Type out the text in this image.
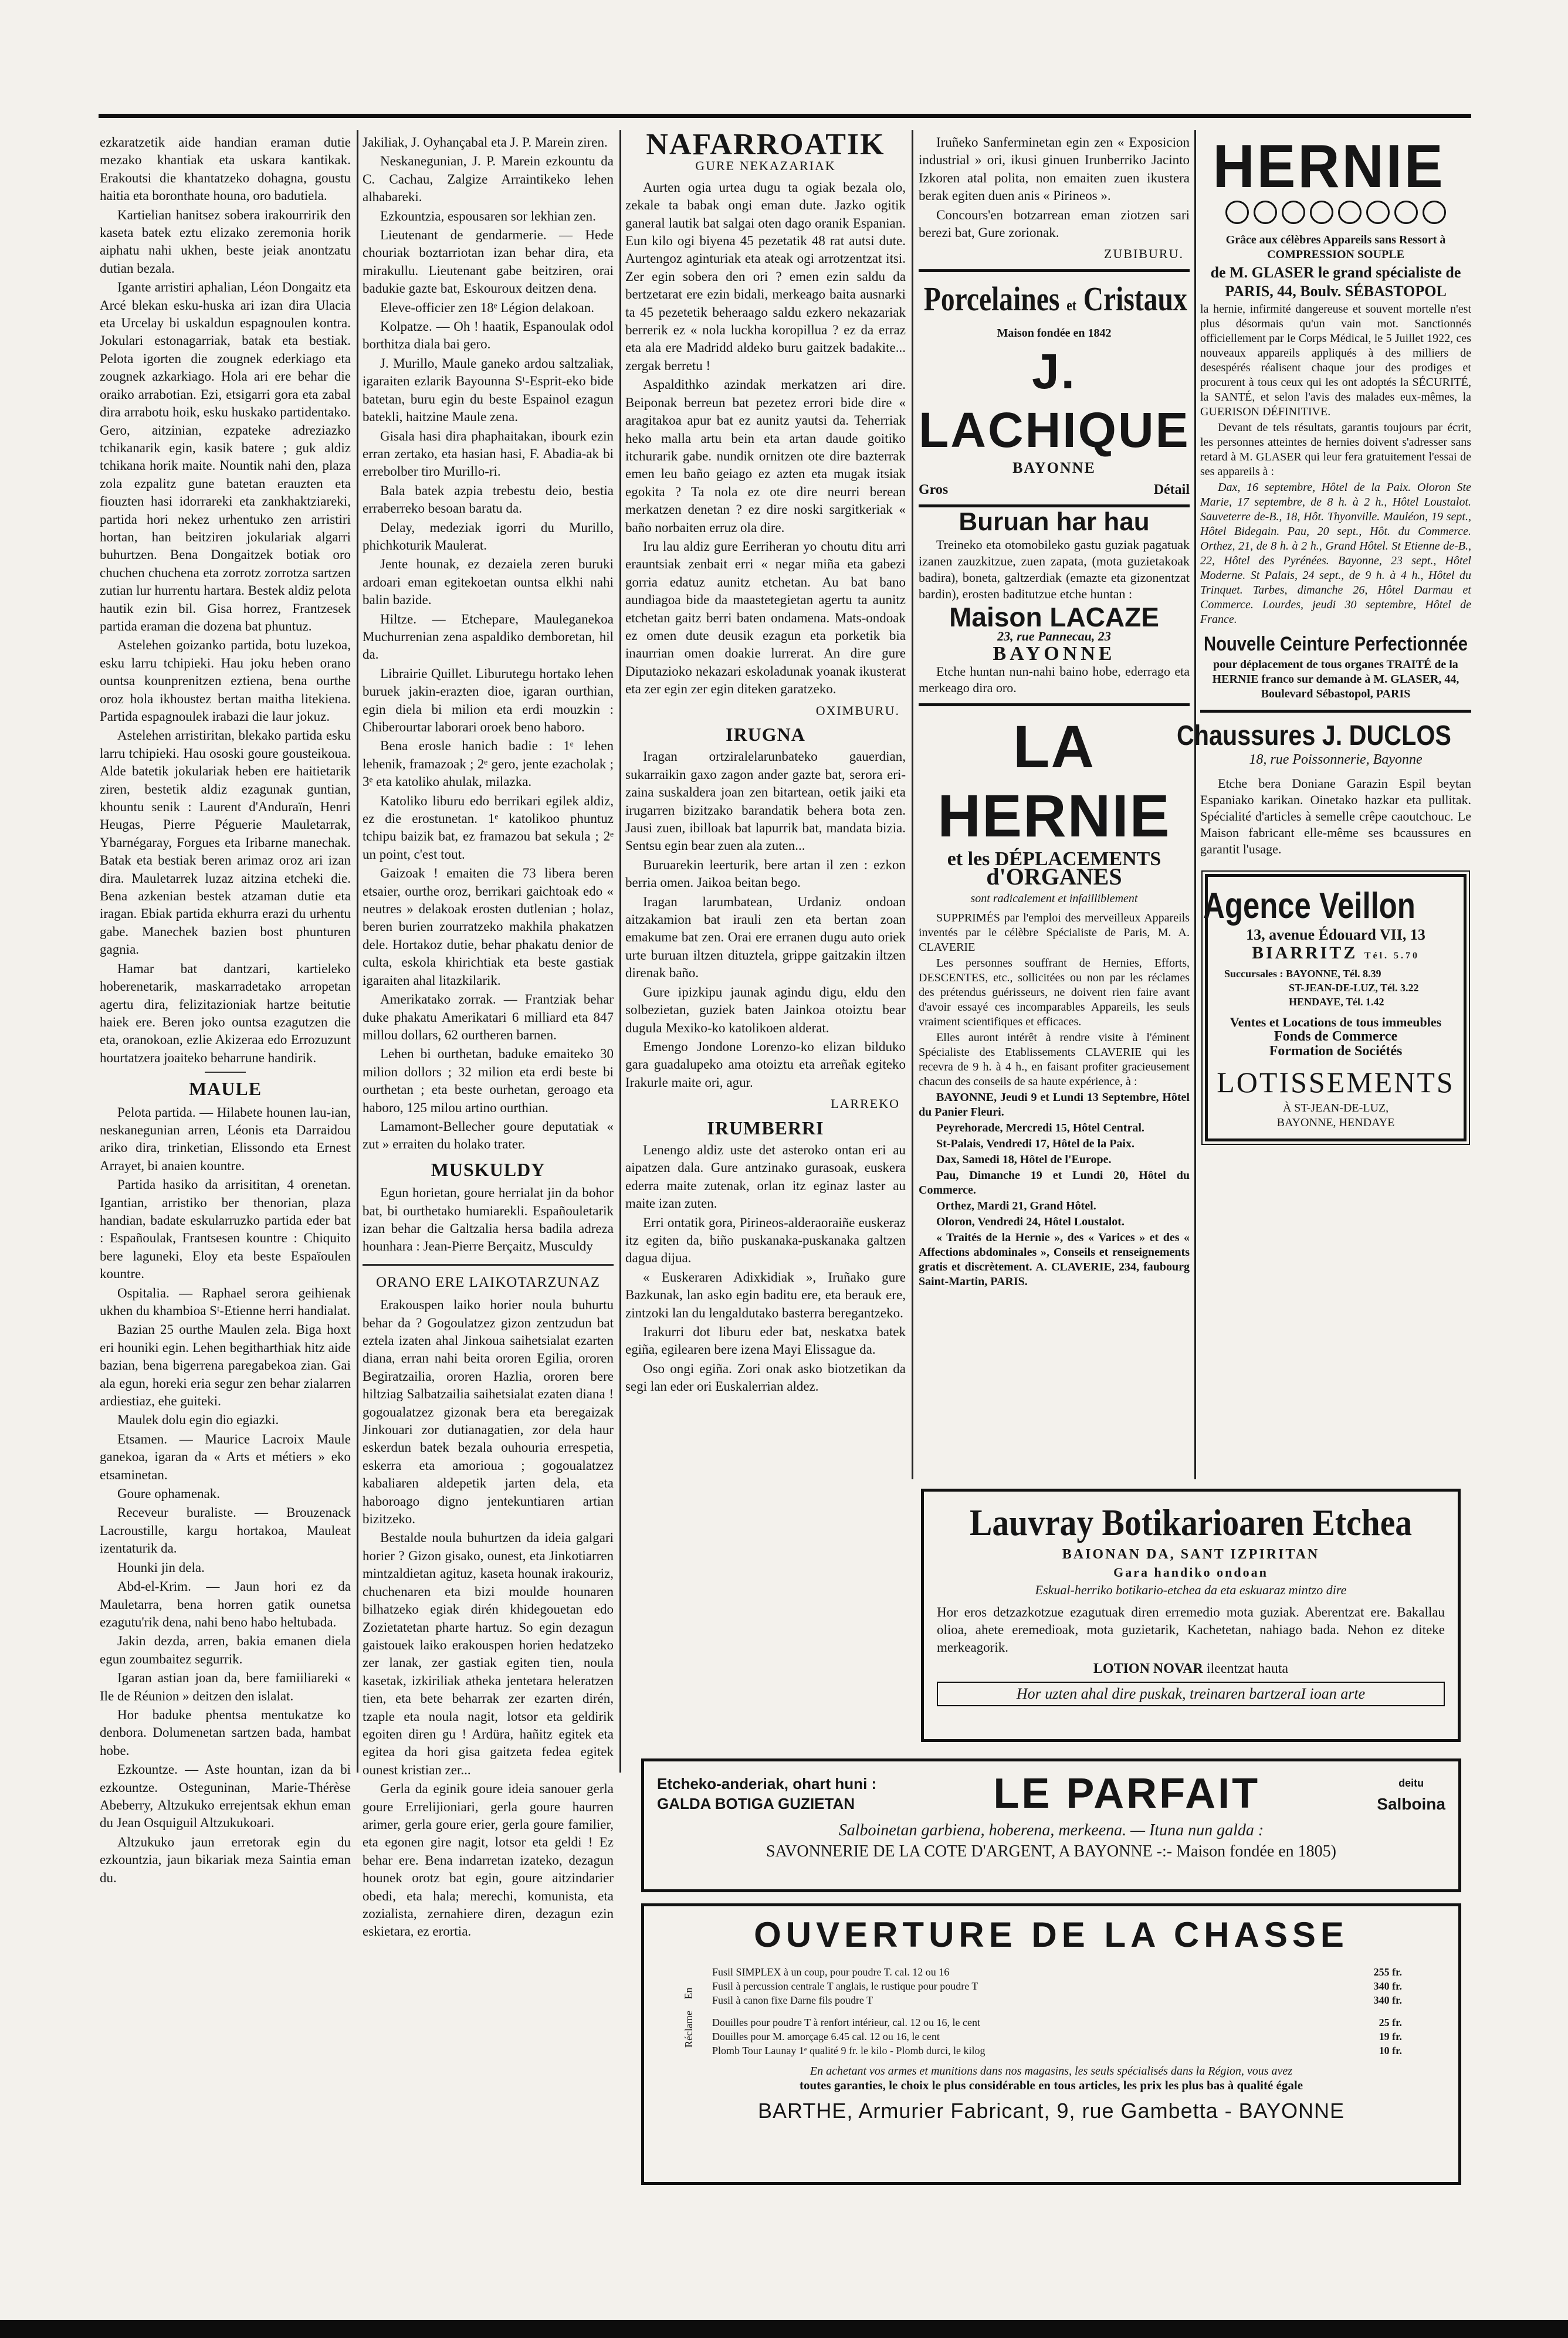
ezkaratzetik aide handian eraman dutie mezako khantiak eta uskara kantikak. Erakoutsi die khantatzeko dohagna, goustu haitia eta boronthate houna, oro badutiela.

Kartielian hanitsez sobera irakourririk den kaseta batek eztu elizako zeremonia horik aiphatu nahi ukhen, beste jeiak anontzatu dutian bezala.

Igante arristiri aphalian, Léon Dongaitz eta Arcé blekan esku-huska ari izan dira Ulacia eta Urcelay bi uskaldun espagnoulen kontra. Jokulari estonagarriak, batak eta bestiak. Pelota igorten die zougnek ederkiago eta zougnek azkarkiago. Hola ari ere behar die oraiko arrabotian. Ezi, etsigarri gora eta zabal dira arrabotu hoik, esku huskako partidentako. Gero, aitzinian, ezpateke adreziazko tchikanarik egin, kasik batere ; guk aldiz tchikana horik maite. Nountik nahi den, plaza zola ezpalitz gune batetan erauzten eta fiouzten hasi idorrareki eta zankhaktziareki, partida hori nekez urhentuko zen arristiri hortan, han beitziren jokulariak algarri buhurtzen. Bena Dongaitzek botiak oro chuchen chuchena eta zorrotz zorrotza sartzen zutian lur hurrentu hartara. Bestek aldiz pelota hautik ezin bil. Gisa horrez, Frantzesek partida eraman die dozena bat phuntuz.

Astelehen goizanko partida, botu luzekoa, esku larru tchipieki. Hau joku heben orano ountsa kounprenitzen eztiena, bena ourthe oroz hola ikhoustez bertan maitha litekiena. Partida espagnoulek irabazi die laur jokuz.

Astelehen arristiritan, blekako partida esku larru tchipieki. Hau ososki goure gousteikoua. Alde batetik jokulariak heben ere haitietarik ziren, bestetik aldiz ezagunak guntian, khountu senik : Laurent d'Anduraïn, Henri Heugas, Pierre Péguerie Mauletarrak, Ybarnégaray, Forgues eta Iribarne manechak. Batak eta bestiak beren arimaz oroz ari izan dira. Mauletarrek luzaz aitzina etcheki die. Bena azkenian bestek atzaman dutie eta iragan. Ebiak partida ekhurra erazi du urhentu gabe. Manechek bazien bost phunturen gagnia.

Hamar bat dantzari, kartieleko hoberenetarik, maskarradetako arropetan agertu dira, felizitazioniak hartze beitutie haiek ere. Beren joko ountsa ezagutzen die eta, oranokoan, ezlie Akizeraa edo Errozuzunt hourtatzera joaiteko beharrune handirik.

MAULE

Pelota partida. — Hilabete hounen lau-ian, neskanegunian arren, Léonis eta Darraidou ariko dira, trinketian, Elissondo eta Ernest Arrayet, bi anaien kountre.

Partida hasiko da arrisititan, 4 orenetan. Igantian, arristiko ber thenorian, plaza handian, badate eskularruzko partida eder bat : Españoulak, Frantsesen kountre : Chiquito bere laguneki, Eloy eta beste Espaïoulen kountre.

Ospitalia. — Raphael serora geihienak ukhen du khambioa Sᵗ-Etienne herri handialat.

Bazian 25 ourthe Maulen zela. Biga hoxt eri houniki egin. Lehen begitharthiak hitz aide bazian, bena bigerrena paregabekoa zian. Gai ala egun, horeki eria segur zen behar zialarren ardiestiaz, ehe guiteki.

Maulek dolu egin dio egiazki.

Etsamen. — Maurice Lacroix Maule ganekoa, igaran da « Arts et métiers » eko etsaminetan.

Goure ophamenak.

Receveur buraliste. — Brouzenack Lacroustille, kargu hortakoa, Mauleat izentaturik da.

Hounki jin dela.

Abd-el-Krim. — Jaun hori ez da Mauletarra, bena horren gatik ounetsa ezagutu'rik dena, nahi beno habo heltubada.

Jakin dezda, arren, bakia emanen diela egun zoumbaitez segurrik.

Igaran astian joan da, bere famiiliareki « Ile de Réunion » deitzen den islalat.

Hor baduke phentsa mentukatze ko denbora. Dolumenetan sartzen bada, hambat hobe.

Ezkountze. — Aste hountan, izan da bi ezkountze. Osteguninan, Marie-Thérèse Abeberry, Altzukuko errejentsak ekhun eman du Jean Osquiguil Altzukukoari.

Altzukuko jaun erretorak egin du ezkountzia, jaun bikariak meza Saintia eman du.

Jakiliak, J. Oyhançabal eta J. P. Marein ziren.

Neskanegunian, J. P. Marein ezkountu da C. Cachau, Zalgize Arraintikeko lehen alhabareki.

Ezkountzia, espousaren sor lekhian zen.

Lieutenant de gendarmerie. — Hede chouriak boztarriotan izan behar dira, eta mirakullu. Lieutenant gabe beitziren, orai badukie gazte bat, Eskouroux deitzen dena.

Eleve-officier zen 18ᵉ Légion delakoan.

Kolpatze. — Oh ! haatik, Espanoulak odol borthitza diala bai gero.

J. Murillo, Maule ganeko ardou saltzaliak, igaraiten ezlarik Bayounna Sᵗ-Esprit-eko bide batetan, buru egin du beste Espainol ezagun batekli, haitzine Maule zena.

Gisala hasi dira phaphaitakan, ibourk ezin erran zertako, eta hasian hasi, F. Abadia-ak bi errebolber tiro Murillo-ri.

Bala batek azpia trebestu deio, bestia erraberreko besoan baratu da.

Delay, medeziak igorri du Murillo, phichkoturik Maulerat.

Jente hounak, ez dezaiela zeren buruki ardoari eman egitekoetan ountsa elkhi nahi balin bazide.

Hiltze. — Etchepare, Mauleganekoa Muchurrenian zena aspaldiko demboretan, hil da.

Librairie Quillet. Liburutegu hortako lehen buruek jakin-erazten dioe, igaran ourthian, egin diela bi milion eta erdi mouzkin : Chiberourtar laborari oroek beno haboro.

Bena erosle hanich badie : 1ᵉ lehen lehenik, framazoak ; 2ᵉ gero, jente ezacholak ; 3ᵉ eta katoliko ahulak, milazka.

Katoliko liburu edo berrikari egilek aldiz, ez die erostunetan. 1ᵉ katolikoo phuntuz tchipu baizik bat, ez framazou bat sekula ; 2ᵉ un point, c'est tout.

Gaizoak ! emaiten die 73 libera beren etsaier, ourthe oroz, berrikari gaichtoak edo « neutres » delakoak erosten dutlenian ; holaz, beren burien zourratzeko makhila phakatzen dele. Hortakoz dutie, behar phakatu denior de culta, eskola khirichtiak eta beste gastiak igaraiten ahal litazkilarik.

Amerikatako zorrak. — Frantziak behar duke phakatu Amerikatari 6 milliard eta 847 millou dollars, 62 ourtheren barnen.

Lehen bi ourthetan, baduke emaiteko 30 milion dollors ; 32 milion eta erdi beste bi ourthetan ; eta beste ourhetan, geroago eta haboro, 125 milou artino ourthian.

Lamamont-Bellecher goure deputatiak « zut » erraiten du holako trater.

MUSKULDY

Egun horietan, goure herrialat jin da bohor bat, bi ourthetako humiarekli. Españouletarik izan behar die Galtzalia hersa badila adreza hounhara : Jean-Pierre Berçaitz, Musculdy

ORANO ERE LAIKOTARZUNAZ

Erakouspen laiko horier noula buhurtu behar da ? Gogoulatzez gizon zentzudun bat eztela izaten ahal Jinkoua saihetsialat ezarten diana, erran nahi beita ororen Egilia, ororen Begiratzailia, ororen Hazlia, ororen bere hiltziag Salbatzailia saihetsialat ezaten diana ! gogoualatzez gizonak bera eta beregaizak Jinkouari zor dutianagatien, zor dela haur eskerdun batek bezala ouhouria errespetia, eskerra eta amorioua ; gogoualatzez kabaliaren aldepetik jarten dela, eta haboroago digno jentekuntiaren artian bizitzeko.

Bestalde noula buhurtzen da ideia galgari horier ? Gizon gisako, ounest, eta Jinkotiarren mintzaldietan agituz, kaseta hounak irakouriz, chuchenaren eta bizi moulde hounaren bilhatzeko egiak dirén khidegouetan edo Zozietatetan pharte hartuz. So egin dezagun gaistouek laiko erakouspen horien hedatzeko zer lanak, zer gastiak egiten tien, noula kasetak, izkiriliak atheka jentetara heleratzen tien, eta bete beharrak zer ezarten dirén, tzaple eta noula nagit, lotsor eta geldirik egoiten diren gu ! Ardüra, hañitz egitek eta egitea da hori gisa gaitzeta fedea egitek ounest kristian zer...

Gerla da eginik goure ideia sanouer gerla goure Errelijioniari, gerla goure haurren arimer, gerla goure erier, gerla goure familier, eta egonen gire nagit, lotsor eta geldi ! Ez behar ere. Bena indarretan izateko, dezagun hounek orotz bat egin, goure aitzindarier obedi, eta hala; merechi, komunista, eta zozialista, zernahiere diren, dezagun ezin eskietara, ez erortia.

NAFARROATIK
GURE NEKAZARIAK

Aurten ogia urtea dugu ta ogiak bezala olo, zekale ta babak ongi eman dute. Jazko ogitik ganeral lautik bat salgai oten dago oranik Espanian. Eun kilo ogi biyena 45 pezetatik 48 rat autsi dute. Aurtengoz aginturiak eta ateak ogi arrotzentzat itsi. Zer egin sobera den ori ? emen ezin saldu da bertzetarat ere ezin bidali, merkeago baita ausnarki ta 45 pezetetik beheraago saldu ezkero nekazariak berrerik ez « nola luckha koropillua ? ez da erraz eta ala ere Madridd aldeko buru gaitzek badakite... zergak berretu !

Aspaldithko azindak merkatzen ari dire. Beiponak berreun bat pezetez errori bide dire « aragitakoa apur bat ez aunitz yautsi da. Teherriak heko malla artu bein eta artan daude goitiko itchurarik gabe. nundik ornitzen ote dire bazterrak emen leu baño geiago ez azten eta mugak itsiak egokita ? Ta nola ez ote dire neurri berean merkatzen denetan ? ez dire noski sargitkeriak « baño norbaiten erruz ola dire.

Iru lau aldiz gure Eerriheran yo choutu ditu arri erauntsiak zenbait erri « negar miña eta gabezi gorria edatuz aunitz etchetan. Au bat bano aundiagoa bide da maastetegietan agertu ta aunitz etchetan gaitz berri baten ondamena. Mats-ondoak ez omen dute deusik ezagun eta porketik bia inaurrian omen doakie lurrerat. An dire gure Diputazioko nekazari eskoladunak yoanak ikusterat eta zer egin zer egin diteken garatzeko.

OXIMBURU.
IRUGNA

Iragan ortziralelarunbateko gauerdian, sukarraikin gaxo zagon ander gazte bat, serora eri-zaina suskaldera joan zen bitartean, oetik jaiki eta irugarren bizitzako barandatik behera bota zen. Jausi zuen, ibilloak bat lapurrik bat, mandata bizia. Sentsu egin bear zuen ala zuten...

Buruarekin leerturik, bere artan il zen : ezkon berria omen. Jaikoa beitan bego.

Iragan larumbatean, Urdaniz ondoan aitzakamion bat irauli zen eta bertan zoan emakume bat zen. Orai ere erranen dugu auto oriek urte buruan iltzen dituztela, grippe gaitzakin iltzen direnak baño.

Gure ipizkipu jaunak agindu digu, eldu den solbezietan, guziek baten Jainkoa otoiztu bear dugula Mexiko-ko katolikoen alderat.

Emengo Jondone Lorenzo-ko elizan bilduko gara guadalupeko ama otoiztu eta arreñak egiteko Irakurle maite ori, agur.

LARREKO
IRUMBERRI

Lenengo aldiz uste det asteroko ontan eri au aipatzen dala. Gure antzinako gurasoak, euskera ederra maite zutenak, orlan itz eginaz laster au maite izan zuten.

Erri ontatik gora, Pirineos-alderaoraiñe euskeraz itz egiten da, biño puskanaka-puskanaka galtzen dagua dijua.

« Euskeraren Adixkidiak », Iruñako gure Bazkunak, lan asko egin baditu ere, eta berauk ere, zintzoki lan du lengaldutako basterra beregantzeko.

Irakurri dot liburu eder bat, neskatxa batek egiña, egilearen bere izena Mayi Elissague da.

Oso ongi egiña. Zori onak asko biotzetikan da segi lan eder ori Euskalerrian aldez.

Iruñeko Sanferminetan egin zen « Exposicion industrial » ori, ikusi ginuen Irunberriko Jacinto Izkoren atal polita, non emaiten zuen ikustera berak egiten duen anis « Pirineos ».

Concours'en botzarrean eman ziotzen sari berezi bat, Gure zorionak.

ZUBIBURU.
Porcelaines et Cristaux
Maison fondée en 1842
J. LACHIQUE
BAYONNE
Gros	Détail
Buruan har hau

Treineko eta otomobileko gastu guziak pagatuak izanen zauzkitzue, zuen zapata, (mota guzietakoak badira), boneta, galtzerdiak (emazte eta gizonentzat bardin), erosten baditutzue etche huntan :

Maison LACAZE
23, rue Pannecau, 23
BAYONNE

Etche huntan nun-nahi baino hobe, ederrago eta merkeago dira oro.

LA HERNIE
et les DÉPLACEMENTS
d'ORGANES
sont radicalement et infailliblement

SUPPRIMÉS par l'emploi des merveilleux Appareils inventés par le célèbre Spécialiste de Paris, M. A. CLAVERIE

Les personnes souffrant de Hernies, Efforts, DESCENTES, etc., sollicitées ou non par les réclames des prétendus guérisseurs, ne doivent rien faire avant d'avoir essayé ces incomparables Appareils, les seuls vraiment scientifiques et efficaces.

Elles auront intérêt à rendre visite à l'éminent Spécialiste des Etablissements CLAVERIE qui les recevra de 9 h. à 4 h., en faisant profiter gracieusement chacun des conseils de sa haute expérience, à :

BAYONNE, Jeudi 9 et Lundi 13 Septembre, Hôtel du Panier Fleuri.

Peyrehorade, Mercredi 15, Hôtel Central.

St-Palais, Vendredi 17, Hôtel de la Paix.

Dax, Samedi 18, Hôtel de l'Europe.

Pau, Dimanche 19 et Lundi 20, Hôtel du Commerce.

Orthez, Mardi 21, Grand Hôtel.

Oloron, Vendredi 24, Hôtel Loustalot.

« Traités de la Hernie », des « Varices » et des « Affections abdominales », Conseils et renseignements gratis et discrètement. A. CLAVERIE, 234, faubourg Saint-Martin, PARIS.

HERNIE

Grâce aux célèbres Appareils sans Ressort à COMPRESSION SOUPLE

de M. GLASER le grand spécialiste de PARIS, 44, Boulv. SÉBASTOPOL

la hernie, infirmité dangereuse et souvent mortelle n'est plus désormais qu'un vain mot. Sanctionnés officiellement par le Corps Médical, le 5 Juillet 1922, ces nouveaux appareils appliqués à des milliers de desespérés réalisent chaque jour des prodiges et procurent à tous ceux qui les ont adoptés la SÉCURITÉ, la SANTÉ, et selon l'avis des malades eux-mêmes, la GUERISON DÉFINITIVE.

Devant de tels résultats, garantis toujours par écrit, les personnes atteintes de hernies doivent s'adresser sans retard à M. GLASER qui leur fera gratuitement l'essai de ses appareils à :

Dax, 16 septembre, Hôtel de la Paix. Oloron Ste Marie, 17 septembre, de 8 h. à 2 h., Hôtel Loustalot. Sauveterre de-B., 18, Hôt. Thyonville. Mauléon, 19 sept., Hôtel Bidegain. Pau, 20 sept., Hôt. du Commerce. Orthez, 21, de 8 h. à 2 h., Grand Hôtel. St Etienne de-B., 22, Hôtel des Pyrénées. Bayonne, 23 sept., Hôtel Moderne. St Palais, 24 sept., de 9 h. à 4 h., Hôtel du Trinquet. Tarbes, dimanche 26, Hôtel Darmau et Commerce. Lourdes, jeudi 30 septembre, Hôtel de France.

Nouvelle Ceinture Perfectionnée

pour déplacement de tous organes TRAITÉ de la HERNIE franco sur demande à M. GLASER, 44, Boulevard Sébastopol, PARIS

Chaussures J. DUCLOS
18, rue Poissonnerie, Bayonne

Etche bera Doniane Garazin Espil beytan Espaniako karikan. Oinetako hazkar eta pullitak. Spécialité d'articles à semelle crêpe caoutchouc. Le Maison fabricant elle-même ses bcaussures en garantit l'usage.

Agence Veillon
13, avenue Édouard VII, 13
BIARRITZ Tél. 5.70
Succursales : BAYONNE, Tél. 8.39
ST-JEAN-DE-LUZ, Tél. 3.22
HENDAYE, Tél. 1.42
Ventes et Locations de tous immeubles
Fonds de Commerce
Formation de Sociétés
LOTISSEMENTS
À ST-JEAN-DE-LUZ,
BAYONNE, HENDAYE
Lauvray Botikarioaren Etchea
BAIONAN DA, SANT IZPIRITAN
Gara handiko ondoan
Eskual-herriko botikario-etchea da eta eskuaraz mintzo dire
Hor eros detzazkotzue ezagutuak diren erremedio mota guziak. Aberentzat ere. Bakallau olioa, ahete eremedioak, mota guzietarik, Kachetetan, nahiago bada. Nehon ez diteke merkeagorik.
LOTION NOVAR ileentzat hauta
Hor uzten ahal dire puskak, treinaren bartzeraI ioan arte
Etcheko-anderiak, ohart huni :
GALDA BOTIGA GUZIETAN	LE PARFAIT	deitu
Salboina
Salboinetan garbiena, hoberena, merkeena. — Ituna nun galda :
SAVONNERIE DE LA COTE D'ARGENT, A BAYONNE -:- Maison fondée en 1805)
OUVERTURE DE LA CHASSE
En
Réclame
Fusil SIMPLEX à un coup, pour poudre T. cal. 12 ou 16	255 fr.
Fusil à percussion centrale T anglais, le rustique pour poudre T	340 fr.
Fusil à canon fixe Darne fils poudre T	340 fr.
Douilles pour poudre T à renfort intérieur, cal. 12 ou 16, le cent	25 fr.
Douilles pour M. amorçage 6.45 cal. 12 ou 16, le cent	19 fr.
Plomb Tour Launay 1ᵉ qualité 9 fr. le kilo - Plomb durci, le kilog	10 fr.
En achetant vos armes et munitions dans nos magasins, les seuls spécialisés dans la Région, vous avez
toutes garanties, le choix le plus considérable en tous articles, les prix les plus bas à qualité égale
BARTHE, Armurier Fabricant, 9, rue Gambetta - BAYONNE
